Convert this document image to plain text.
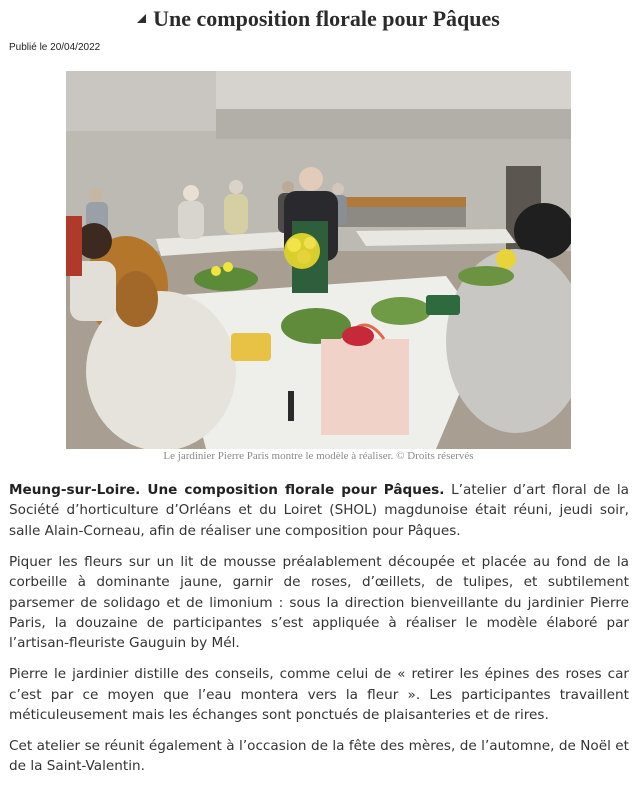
Une composition florale pour Pâques
Publié le 20/04/2022
Le jardinier Pierre Paris montre le modèle à réaliser. © Droits réservés

Meung-sur-Loire. Une composition florale pour Pâques. L’atelier d’art floral de la Société d’horticulture d’Orléans et du Loiret (SHOL) magdunoise était réuni, jeudi soir, salle Alain-Corneau, afin de réaliser une composition pour Pâques.

Piquer les fleurs sur un lit de mousse préalablement découpée et placée au fond de la corbeille à dominante jaune, garnir de roses, d’œillets, de tulipes, et subtilement parsemer de solidago et de limonium : sous la direction bienveillante du jardinier Pierre Paris, la douzaine de participantes s’est appliquée à réaliser le modèle élaboré par l’artisan-fleuriste Gauguin by Mél.

Pierre le jardinier distille des conseils, comme celui de « retirer les épines des roses car c’est par ce moyen que l’eau montera vers la fleur ». Les participantes travaillent méticuleusement mais les échanges sont ponctués de plaisanteries et de rires.

Cet atelier se réunit également à l’occasion de la fête des mères, de l’automne, de Noël et de la Saint-Valentin.
